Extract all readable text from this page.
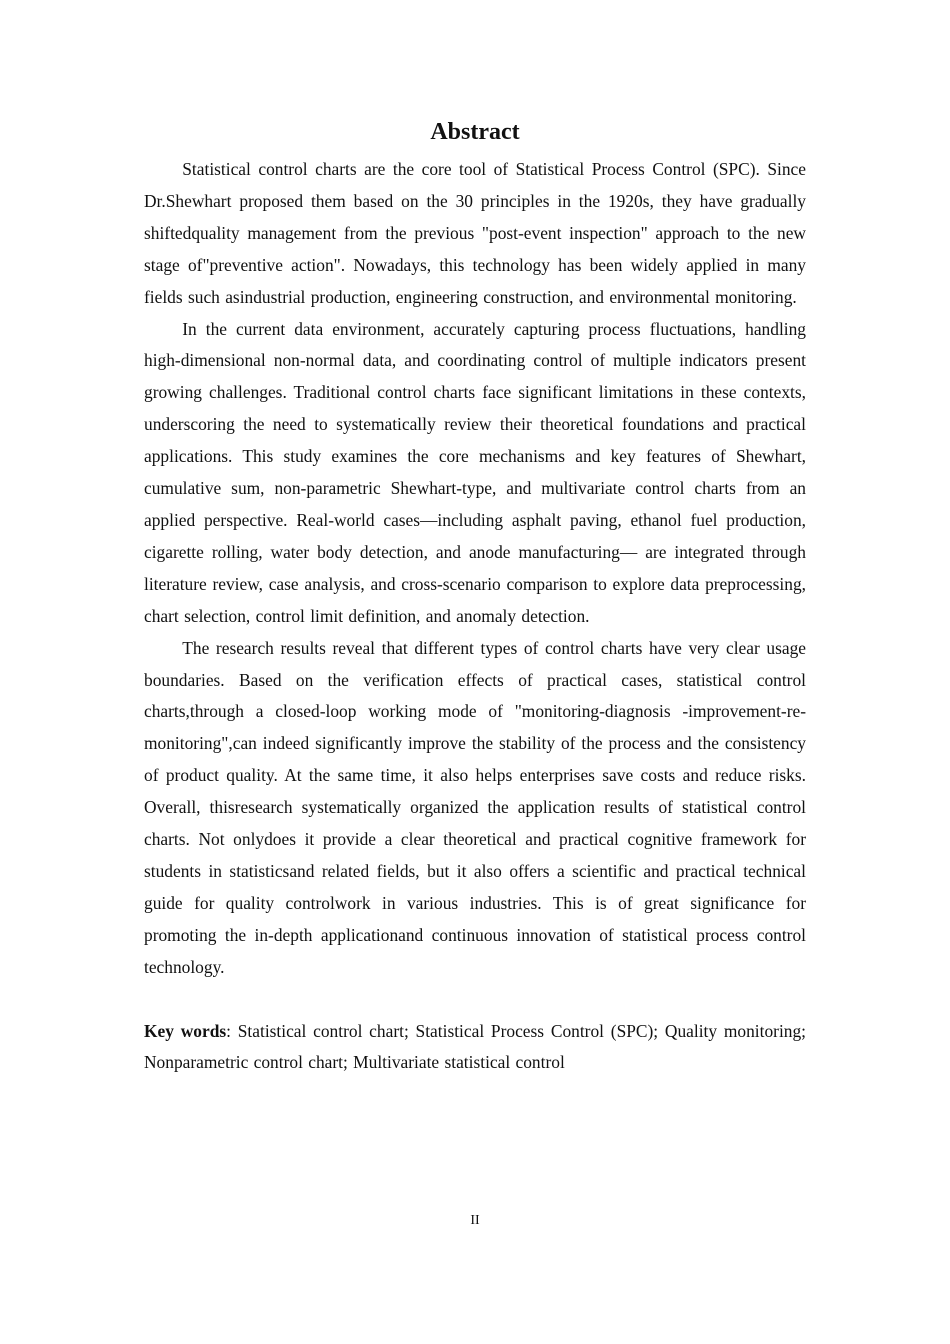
Abstract

Statistical control charts are the core tool of Statistical Process Control (SPC). Since Dr.Shewhart proposed them based on the 30 principles in the 1920s, they have gradually shiftedquality management from the previous "post-event inspection" approach to the new stage of"preventive action". Nowadays, this technology has been widely applied in many fields such asindustrial production, engineering construction, and environmental monitoring.

In the current data environment, accurately capturing process fluctuations, handling high-dimensional non-normal data, and coordinating control of multiple indicators present growing challenges. Traditional control charts face significant limitations in these contexts, underscoring the need to systematically review their theoretical foundations and practical applications. This study examines the core mechanisms and key features of Shewhart, cumulative sum, non-parametric Shewhart-type, and multivariate control charts from an applied perspective. Real-world cases—including asphalt paving, ethanol fuel production, cigarette rolling, water body detection, and anode manufacturing— are integrated through literature review, case analysis, and cross-scenario comparison to explore data preprocessing, chart selection, control limit definition, and anomaly detection.

The research results reveal that different types of control charts have very clear usage boundaries. Based on the verification effects of practical cases, statistical control charts,through a closed-loop working mode of "monitoring-diagnosis -improvement-re-monitoring",can indeed significantly improve the stability of the process and the consistency of product quality. At the same time, it also helps enterprises save costs and reduce risks. Overall, thisresearch systematically organized the application results of statistical control charts. Not onlydoes it provide a clear theoretical and practical cognitive framework for students in statisticsand related fields, but it also offers a scientific and practical technical guide for quality controlwork in various industries. This is of great significance for promoting the in-depth applicationand continuous innovation of statistical process control technology.

Key words: Statistical control chart; Statistical Process Control (SPC); Quality monitoring; Nonparametric control chart; Multivariate statistical control

II
